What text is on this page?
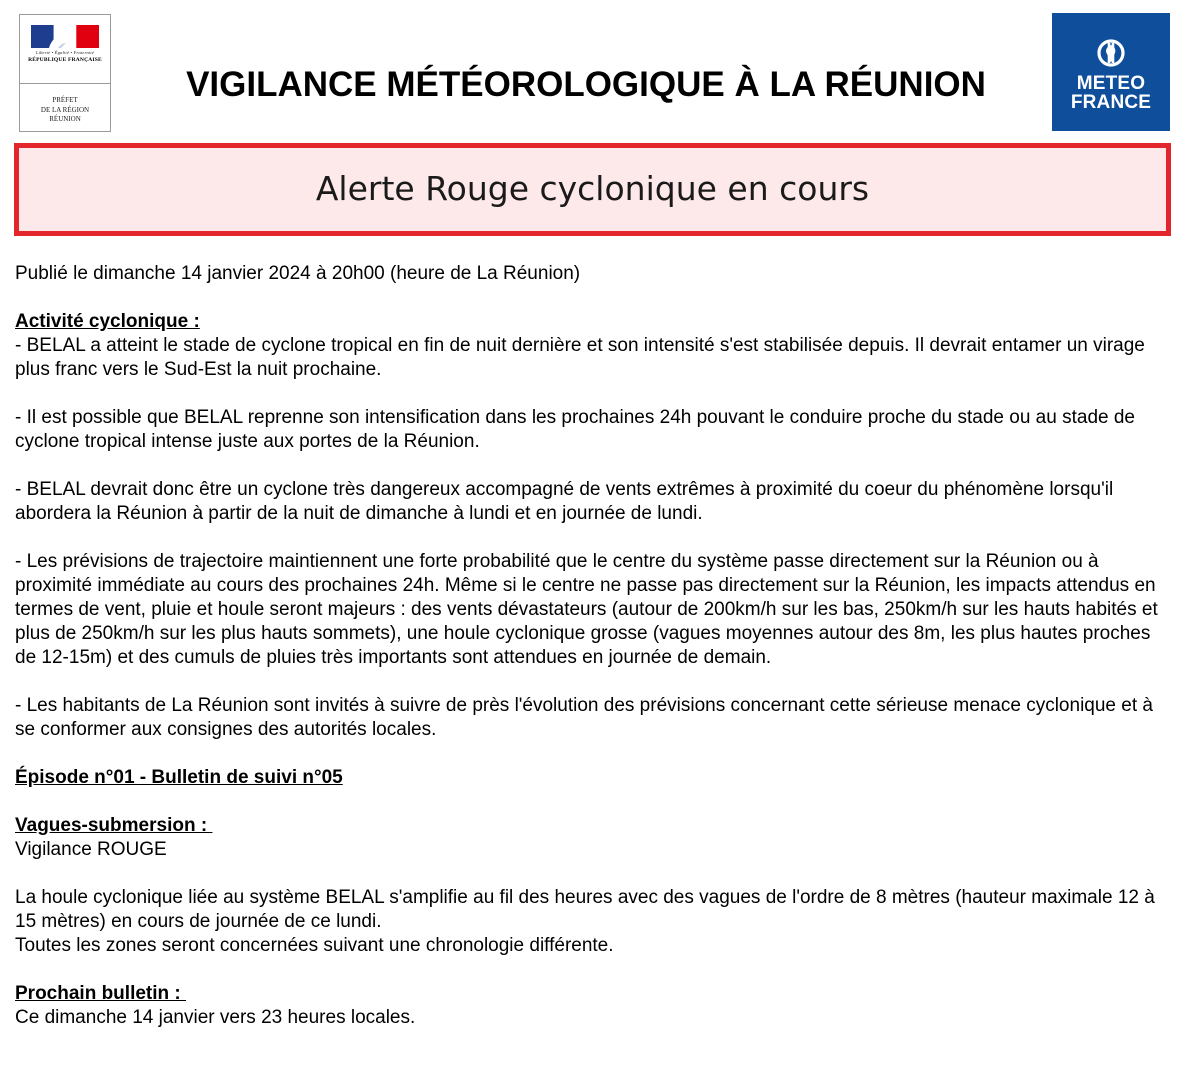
Liberté • Égalité • Fraternité
RÉPUBLIQUE FRANÇAISE
PRÉFET
DE LA RÉGION
RÉUNION
VIGILANCE MÉTÉOROLOGIQUE À LA RÉUNION	METEO
FRANCE
Alerte Rouge cyclonique en cours

Publié le dimanche 14 janvier 2024 à 20h00 (heure de La Réunion)

Activité cyclonique :

- BELAL a atteint le stade de cyclone tropical en fin de nuit dernière et son intensité s'est stabilisée depuis. Il devrait entamer un virage plus franc vers le Sud-Est la nuit prochaine.

- Il est possible que BELAL reprenne son intensification dans les prochaines 24h pouvant le conduire proche du stade ou au stade de cyclone tropical intense juste aux portes de la Réunion.

- BELAL devrait donc être un cyclone très dangereux accompagné de vents extrêmes à proximité du coeur du phénomène lorsqu'il abordera la Réunion à partir de la nuit de dimanche à lundi et en journée de lundi.

- Les prévisions de trajectoire maintiennent une forte probabilité que le centre du système passe directement sur la Réunion ou à proximité immédiate au cours des prochaines 24h. Même si le centre ne passe pas directement sur la Réunion, les impacts attendus en termes de vent, pluie et houle seront majeurs : des vents dévastateurs (autour de 200km/h sur les bas, 250km/h sur les hauts habités et plus de 250km/h sur les plus hauts sommets), une houle cyclonique grosse (vagues moyennes autour des 8m, les plus hautes proches de 12-15m) et des cumuls de pluies très importants sont attendues en journée de demain.

- Les habitants de La Réunion sont invités à suivre de près l'évolution des prévisions concernant cette sérieuse menace cyclonique et à se conformer aux consignes des autorités locales.

Épisode n°01 - Bulletin de suivi n°05

Vagues-submersion :

Vigilance ROUGE

La houle cyclonique liée au système BELAL s'amplifie au fil des heures avec des vagues de l'ordre de 8 mètres (hauteur maximale 12 à 15 mètres) en cours de journée de ce lundi.

Toutes les zones seront concernées suivant une chronologie différente.

Prochain bulletin :

Ce dimanche 14 janvier vers 23 heures locales.
